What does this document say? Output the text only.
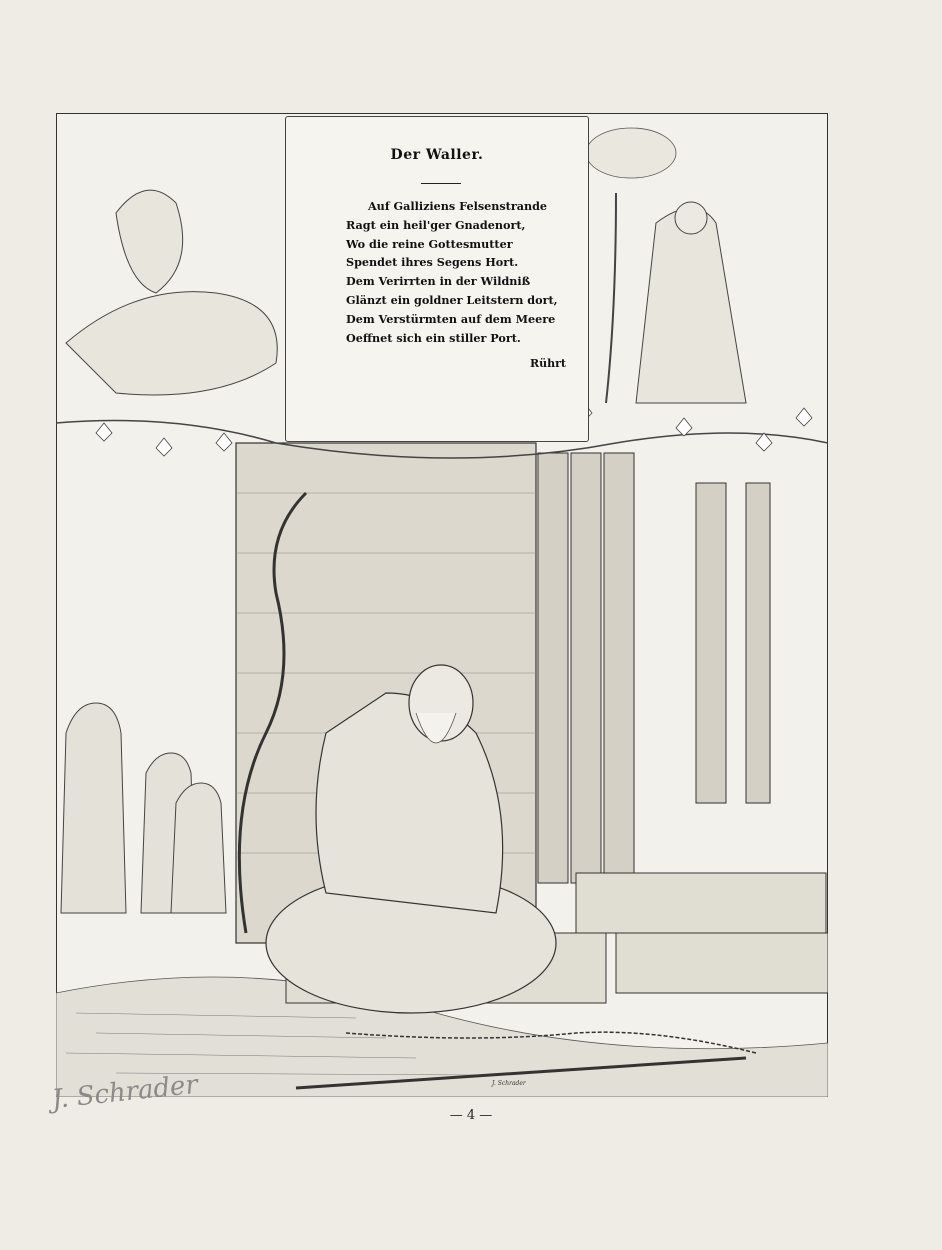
Der Waller.
Auf Galliziens Felsenstrande
Ragt ein heil'ger Gnadenort,
Wo die reine Gottesmutter
Spendet ihres Segens Hort.
Dem Verirrten in der Wildniß
Glänzt ein goldner Leitstern dort,
Dem Verstürmten auf dem Meere
Oeffnet sich ein stiller Port.
Rührt
J. Schrader
J. Schrader
— 4 —
